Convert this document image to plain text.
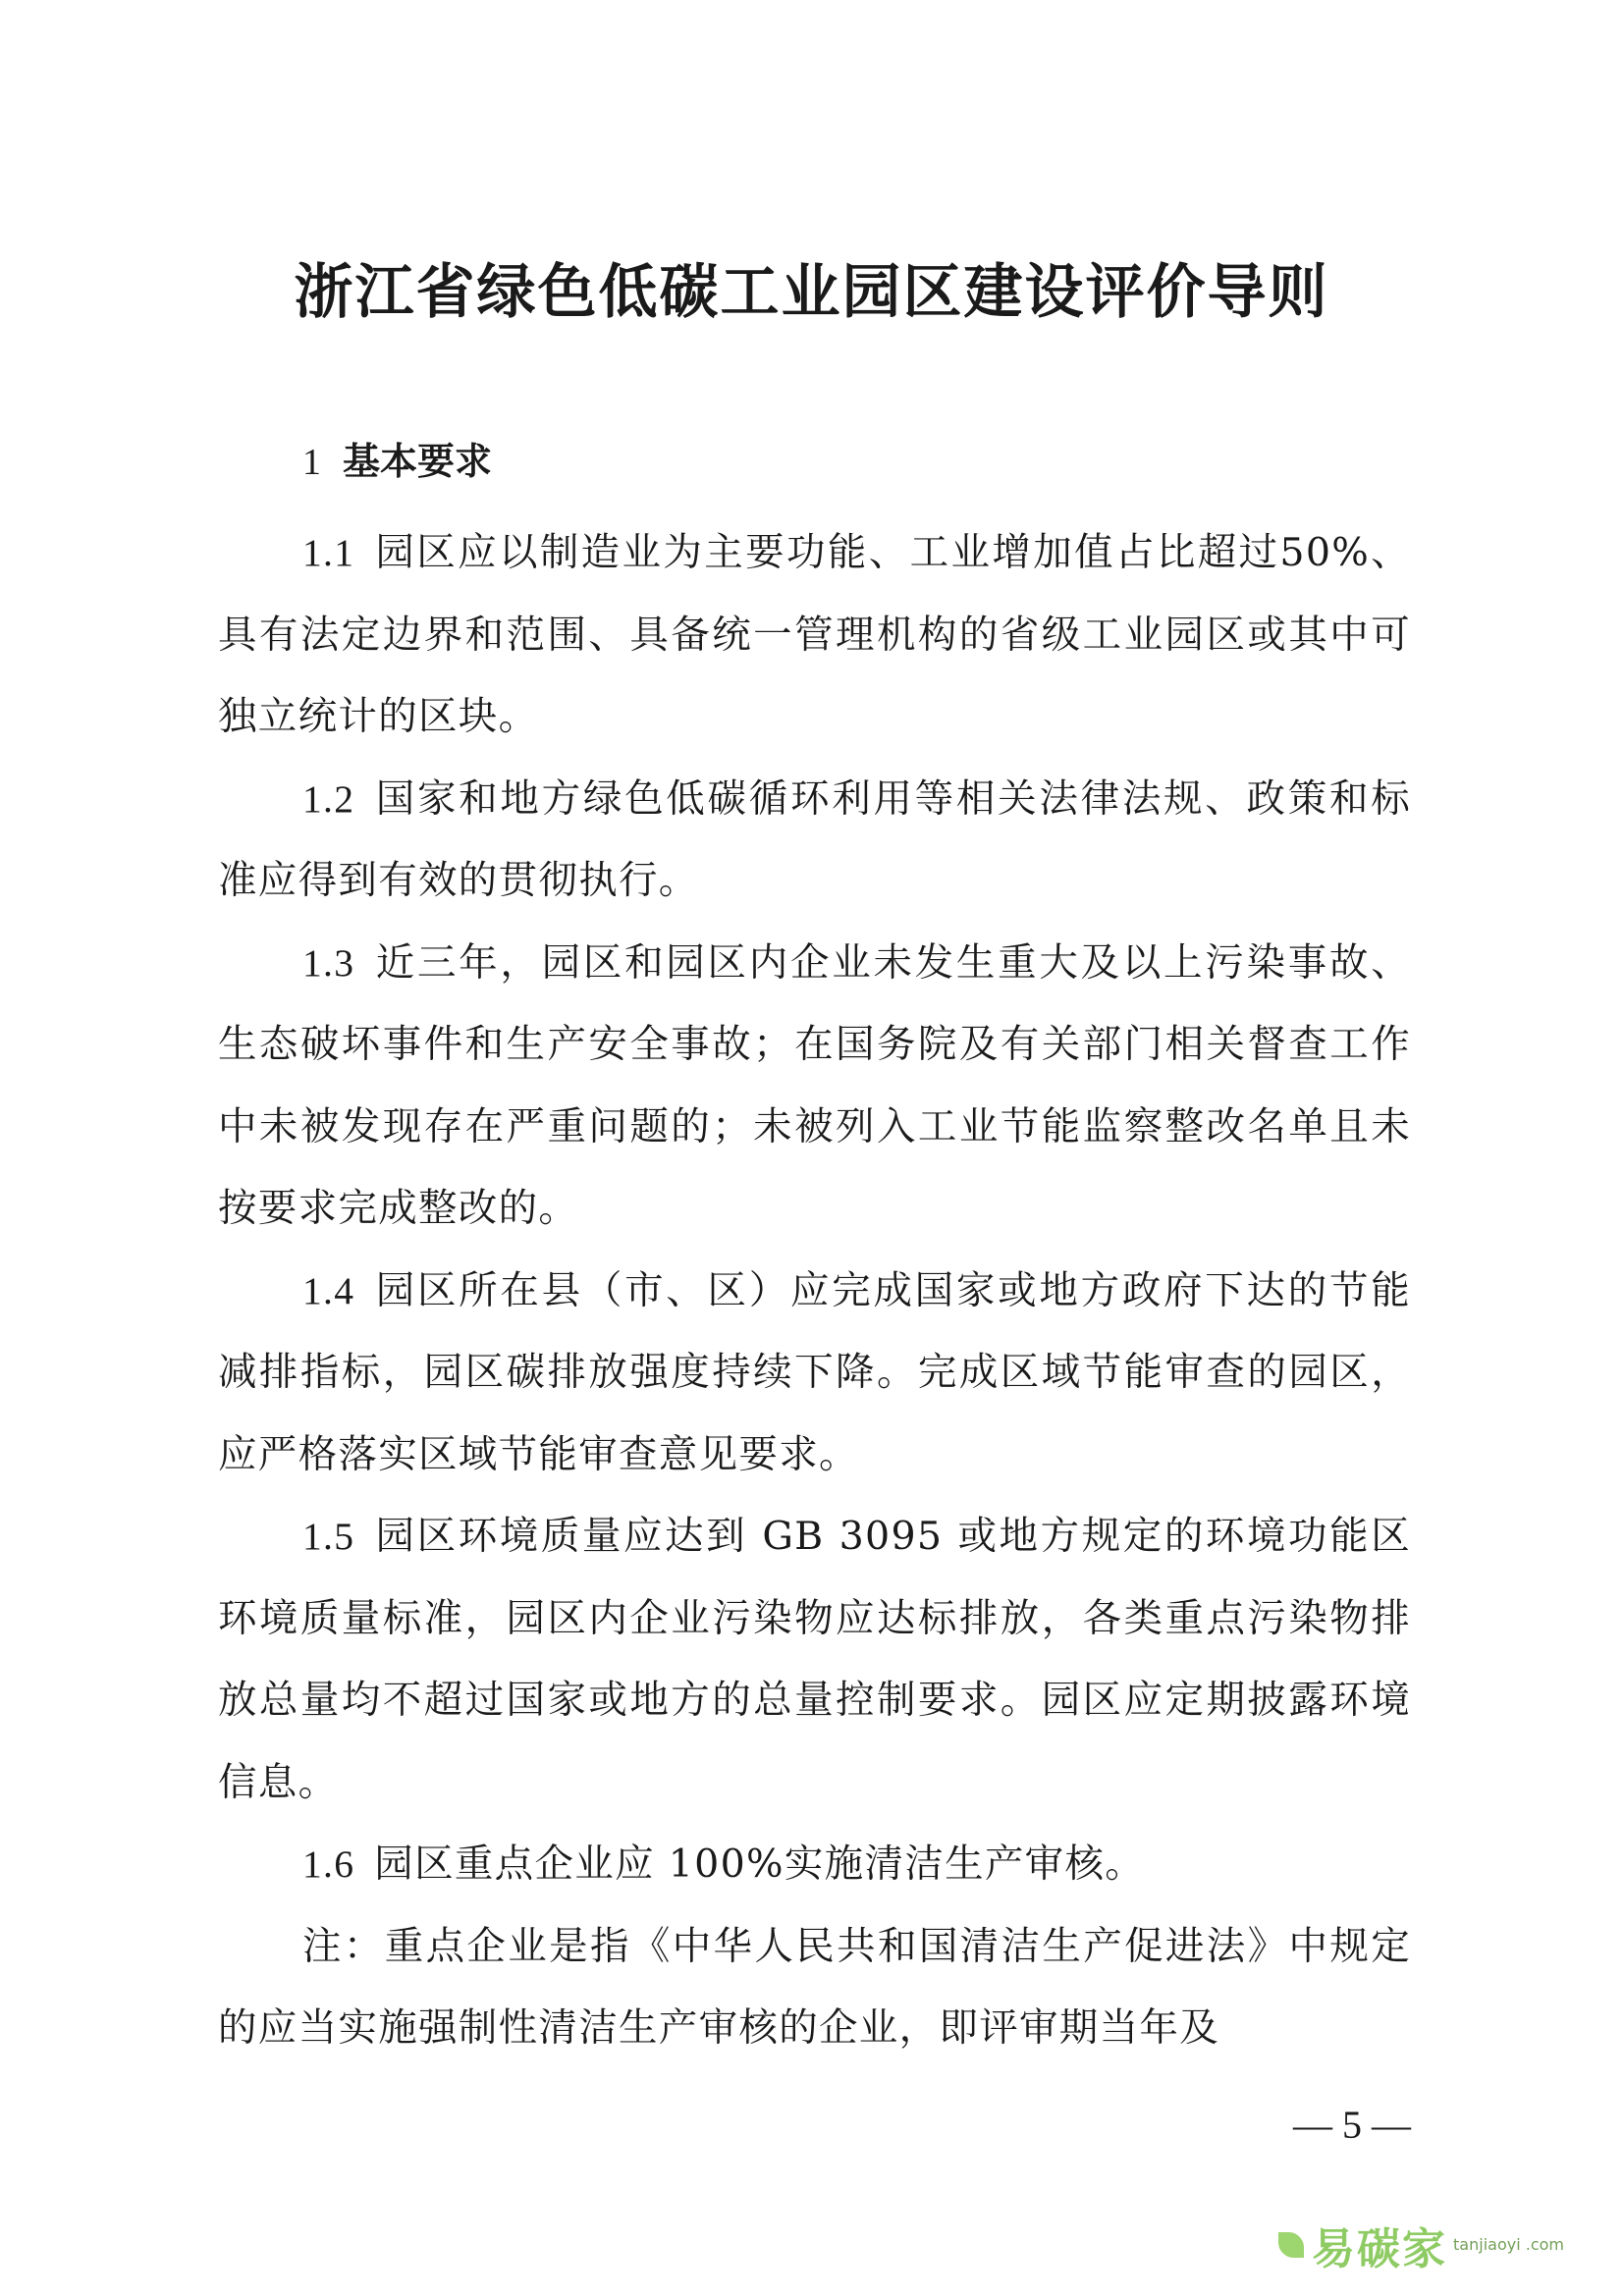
浙江省绿色低碳工业园区建设评价导则
1 基本要求

1.1 园区应以制造业为主要功能、工业增加值占比超过50%、具有法定边界和范围、具备统一管理机构的省级工业园区或其中可独立统计的区块。

1.2 国家和地方绿色低碳循环利用等相关法律法规、政策和标准应得到有效的贯彻执行。

1.3 近三年，园区和园区内企业未发生重大及以上污染事故、生态破坏事件和生产安全事故；在国务院及有关部门相关督查工作中未被发现存在严重问题的；未被列入工业节能监察整改名单且未按要求完成整改的。

1.4 园区所在县（市、区）应完成国家或地方政府下达的节能减排指标，园区碳排放强度持续下降。完成区域节能审查的园区，应严格落实区域节能审查意见要求。

1.5 园区环境质量应达到 GB 3095 或地方规定的环境功能区环境质量标准，园区内企业污染物应达标排放，各类重点污染物排放总量均不超过国家或地方的总量控制要求。园区应定期披露环境信息。

1.6 园区重点企业应 100%实施清洁生产审核。

注：重点企业是指《中华人民共和国清洁生产促进法》中规定的应当实施强制性清洁生产审核的企业，即评审期当年及

— 5 —
易碳家 tanjiaoyi .com
